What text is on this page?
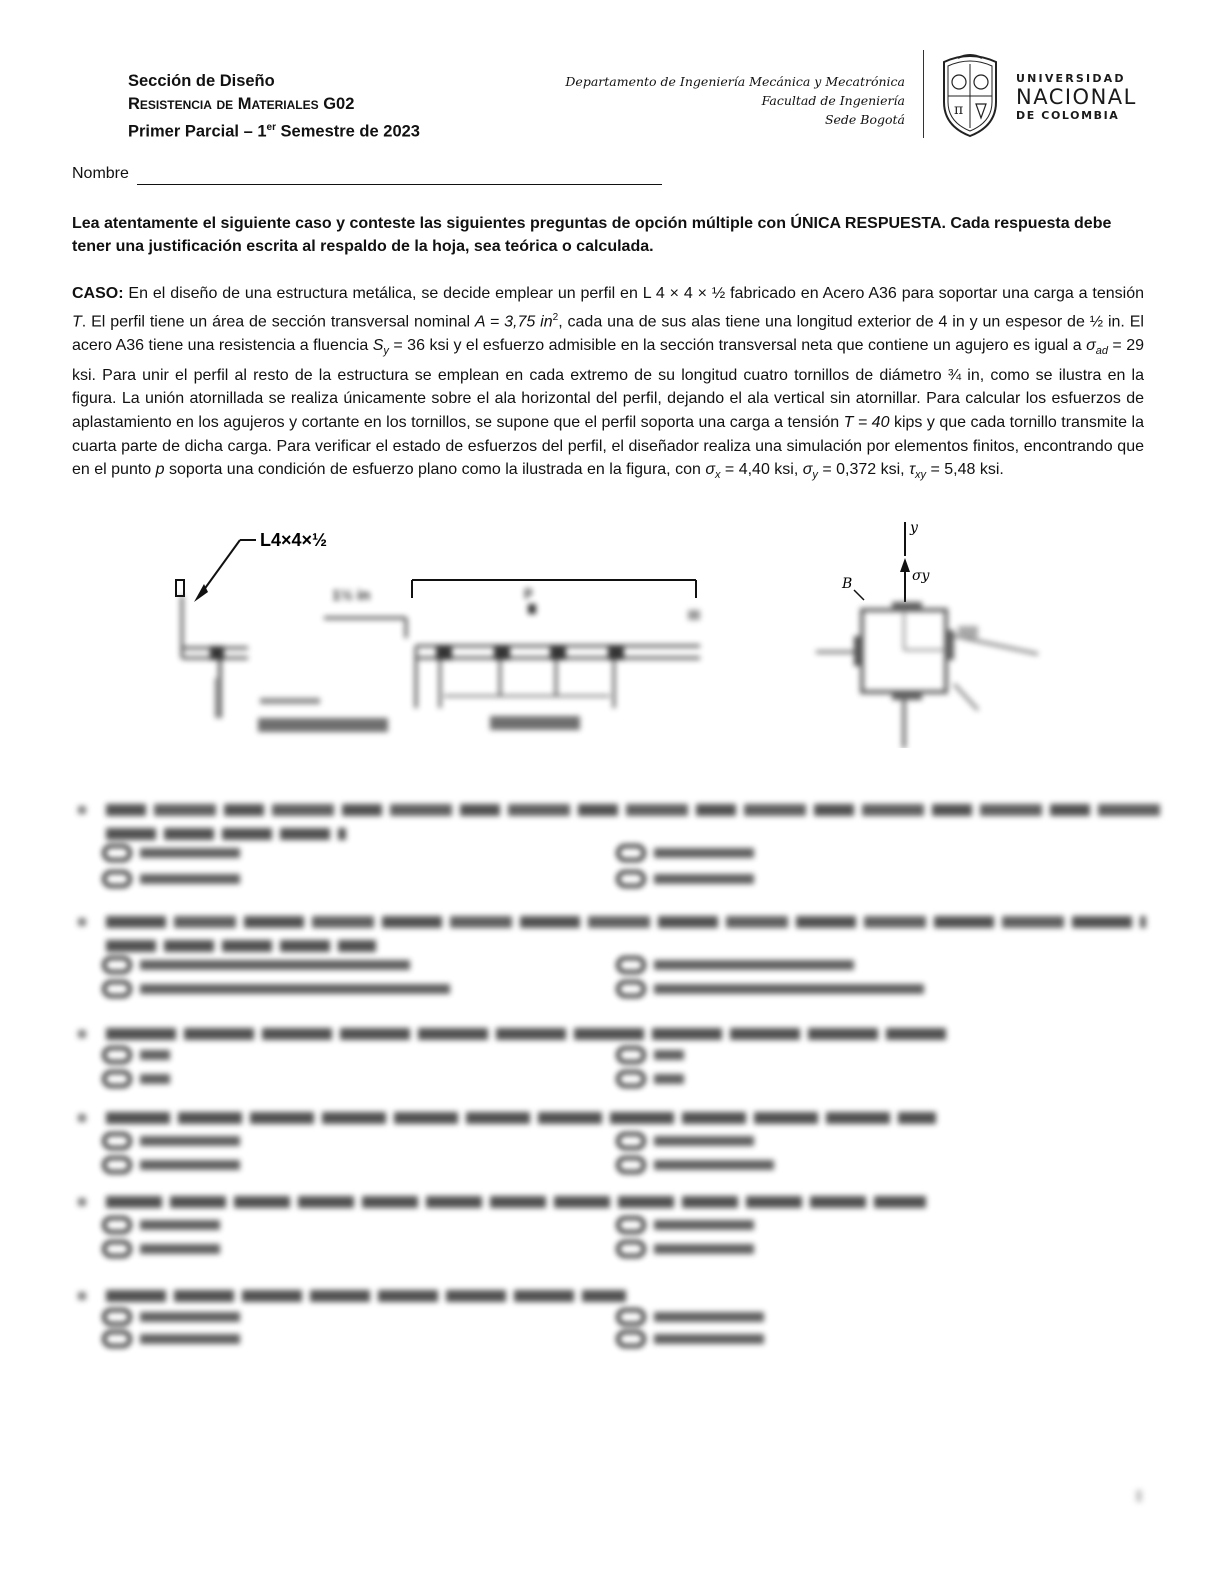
Sección de Diseño
Resistencia de Materiales G02
Primer Parcial – 1er Semestre de 2023
Departamento de Ingeniería Mecánica y Mecatrónica
Facultad de Ingeniería
Sede Bogotá
π
UNIVERSIDAD
NACIONAL
DE COLOMBIA
Nombre
Lea atentamente el siguiente caso y conteste las siguientes preguntas de opción múltiple con ÚNICA RESPUESTA. Cada respuesta debe tener una justificación escrita al respaldo de la hoja, sea teórica o calculada.
CASO: En el diseño de una estructura metálica, se decide emplear un perfil en L 4 × 4 × ½ fabricado en Acero A36 para soportar una carga a tensión T. El perfil tiene un área de sección transversal nominal A = 3,75 $in^2$, cada una de sus alas tiene una longitud exterior de 4 in y un espesor de ½ in. El acero A36 tiene una resistencia a fluencia $S_y = 36$ ksi y el esfuerzo admisible en la sección transversal neta que contiene un agujero es igual a $\sigma_{ad} = 29$ ksi. Para unir el perfil al resto de la estructura se emplean en cada extremo de su longitud cuatro tornillos de diámetro ¾ in, como se ilustra en la figura. La unión atornillada se realiza únicamente sobre el ala horizontal del perfil, dejando el ala vertical sin atornillar. Para calcular los esfuerzos de aplastamiento en los agujeros y cortante en los tornillos, se supone que el perfil soporta una carga a tensión T = 40 kips y que cada tornillo transmite la cuarta parte de dicha carga. Para verificar el estado de esfuerzos del perfil, el diseñador realiza una simulación por elementos finitos, encontrando que en el punto p soporta una condición de esfuerzo plano como la ilustrada en la figura, con $\sigma_x = 4,40$ ksi, $\sigma_y = 0,372$ ksi, $\tau_{xy} = 5,48$ ksi.
L4×4×½
1½ in	p
y
σy
B
